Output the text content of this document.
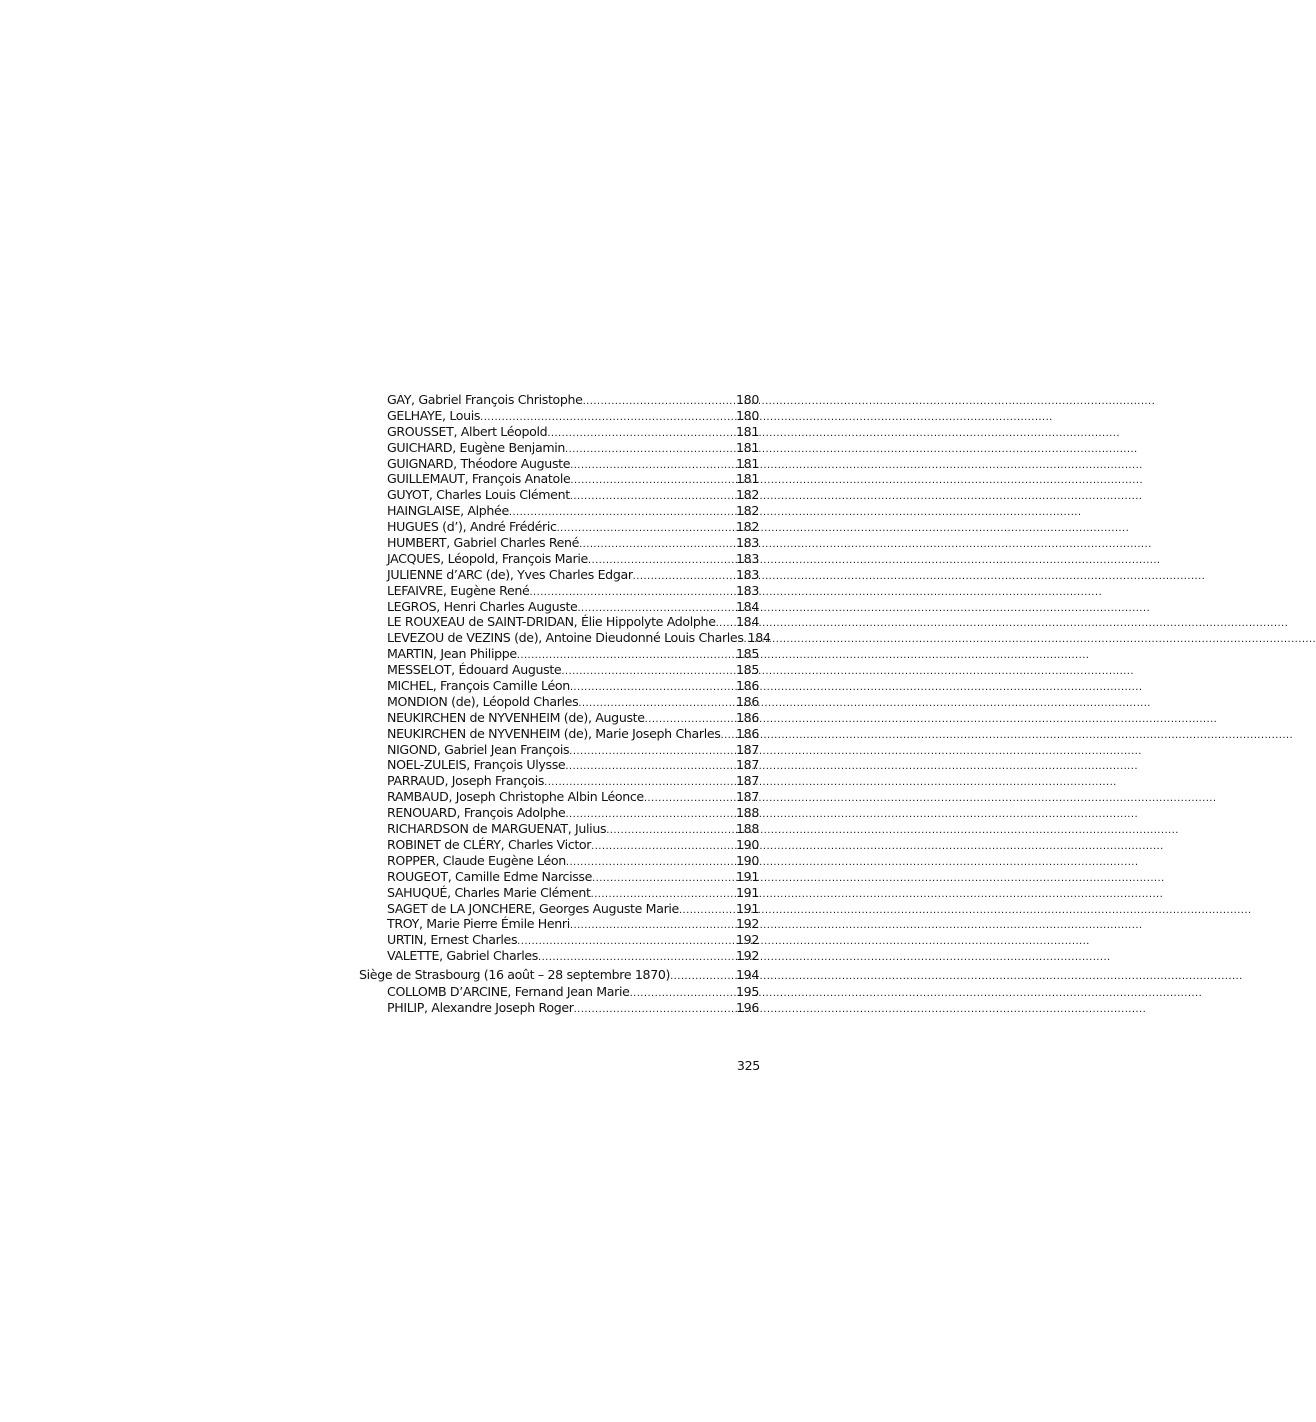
GAY, Gabriel François Christophe .....	180
GELHAYE, Louis .....	180
GROUSSET, Albert Léopold .....	181
GUICHARD, Eugène Benjamin .....	181
GUIGNARD, Théodore Auguste .....	181
GUILLEMAUT, François Anatole .....	181
GUYOT, Charles Louis Clément .....	182
HAINGLAISE, Alphée .....	182
HUGUES (d’), André Frédéric .....	182
HUMBERT, Gabriel Charles René .....	183
JACQUES, Léopold, François Marie .....	183
JULIENNE d’ARC (de), Yves Charles Edgar .....	183
LEFAIVRE, Eugène René .....	183
LEGROS, Henri Charles Auguste .....	184
LE ROUXEAU de SAINT-DRIDAN, Élie Hippolyte Adolphe ..... 184
LEVEZOU de VEZINS (de), Antoine Dieudonné Louis Charles ..... 184
MARTIN, Jean Philippe .....	185
MESSELOT, Édouard Auguste .....	185
MICHEL, François Camille Léon .....	186
MONDION (de), Léopold Charles .....	186
NEUKIRCHEN de NYVENHEIM (de), Auguste .....	186
NEUKIRCHEN de NYVENHEIM (de), Marie Joseph Charles ..... 186
NIGOND, Gabriel Jean François .....	187
NOEL-ZULEIS, François Ulysse .....	187
PARRAUD, Joseph François .....	187
RAMBAUD, Joseph Christophe Albin Léonce .....	187
RENOUARD, François Adolphe .....	188
RICHARDSON de MARGUENAT, Julius .....	188
ROBINET de CLÉRY, Charles Victor .....	190
ROPPER, Claude Eugène Léon .....	190
ROUGEOT, Camille Edme Narcisse .....	191
SAHUQUÉ, Charles Marie Clément .....	191
SAGET de LA JONCHERE, Georges Auguste Marie .....	191
TROY, Marie Pierre Émile Henri .....	192
URTIN, Ernest Charles .....	192
VALETTE, Gabriel Charles .....	192
Siège de Strasbourg (16 août – 28 septembre 1870) .....	194
COLLOMB D’ARCINE, Fernand Jean Marie .....	195
PHILIP, Alexandre Joseph Roger .....	196
325
